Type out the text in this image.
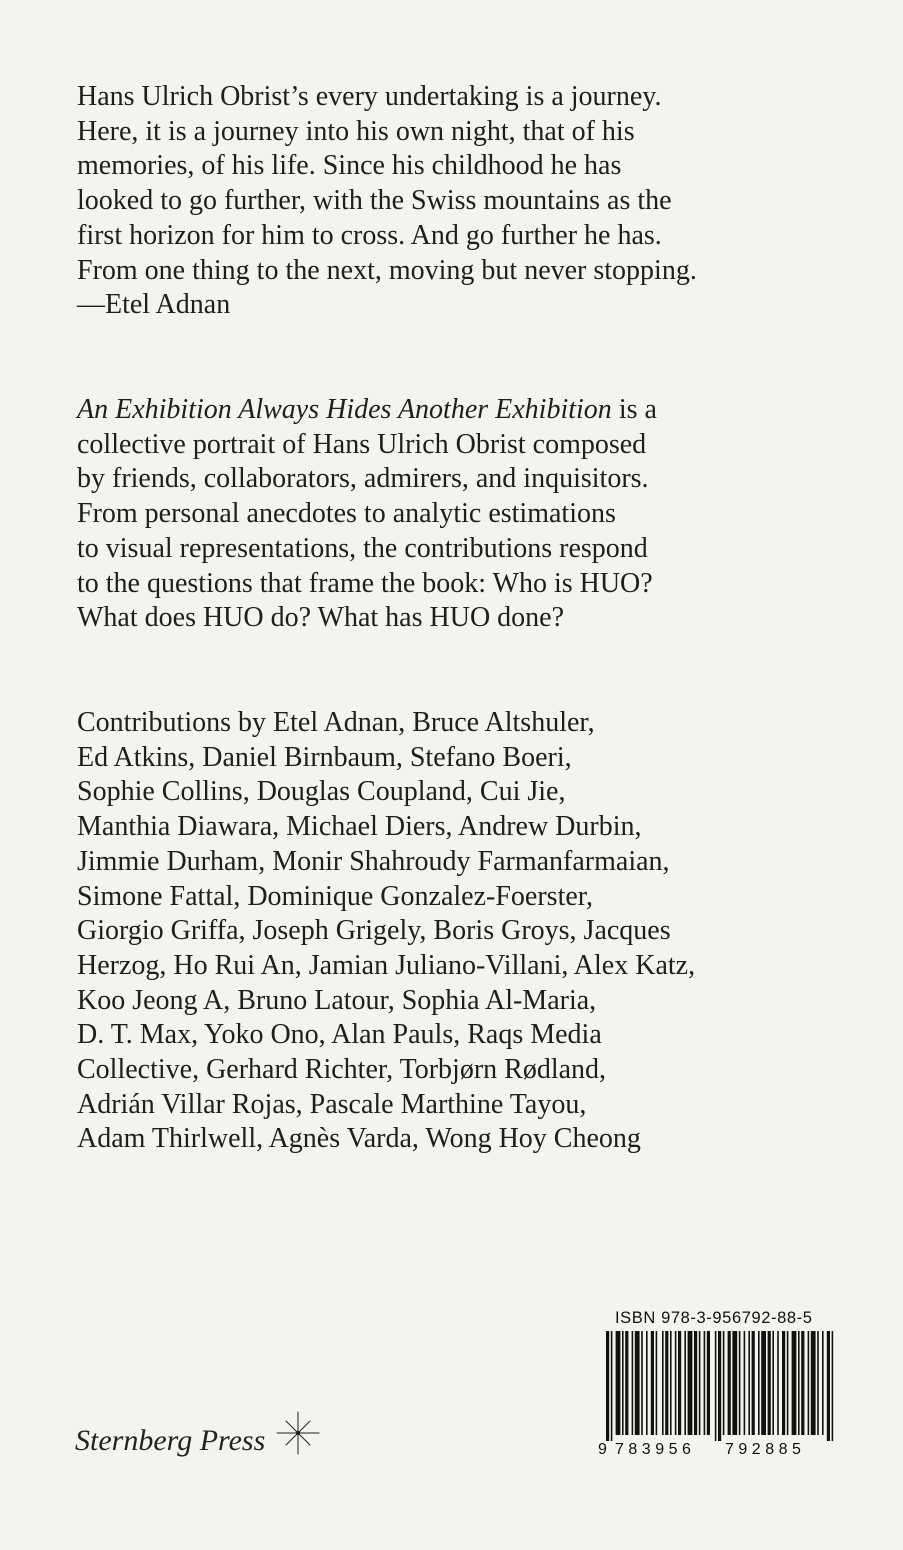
Hans Ulrich Obrist’s every undertaking is a journey.
Here, it is a journey into his own night, that of his
memories, of his life. Since his childhood he has
looked to go further, with the Swiss mountains as the
first horizon for him to cross. And go further he has.
From one thing to the next, moving but never stopping.
—Etel Adnan
An Exhibition Always Hides Another Exhibition is a
collective portrait of Hans Ulrich Obrist composed
by friends, collaborators, admirers, and inquisitors.
From personal anecdotes to analytic estimations
to visual representations, the contributions respond
to the questions that frame the book: Who is HUO?
What does HUO do? What has HUO done?
Contributions by Etel Adnan, Bruce Altshuler,
Ed Atkins, Daniel Birnbaum, Stefano Boeri,
Sophie Collins, Douglas Coupland, Cui Jie,
Manthia Diawara, Michael Diers, Andrew Durbin,
Jimmie Durham, Monir Shahroudy Farmanfarmaian,
Simone Fattal, Dominique Gonzalez-Foerster,
Giorgio Griffa, Joseph Grigely, Boris Groys, Jacques
Herzog, Ho Rui An, Jamian Juliano-Villani, Alex Katz,
Koo Jeong A, Bruno Latour, Sophia Al-Maria,
D. T. Max, Yoko Ono, Alan Pauls, Raqs Media
Collective, Gerhard Richter, Torbjørn Rødland,
Adrián Villar Rojas, Pascale Marthine Tayou,
Adam Thirlwell, Agnès Varda, Wong Hoy Cheong
ISBN 978-3-956792-88-5
9 783956 792885
Sternberg Press
